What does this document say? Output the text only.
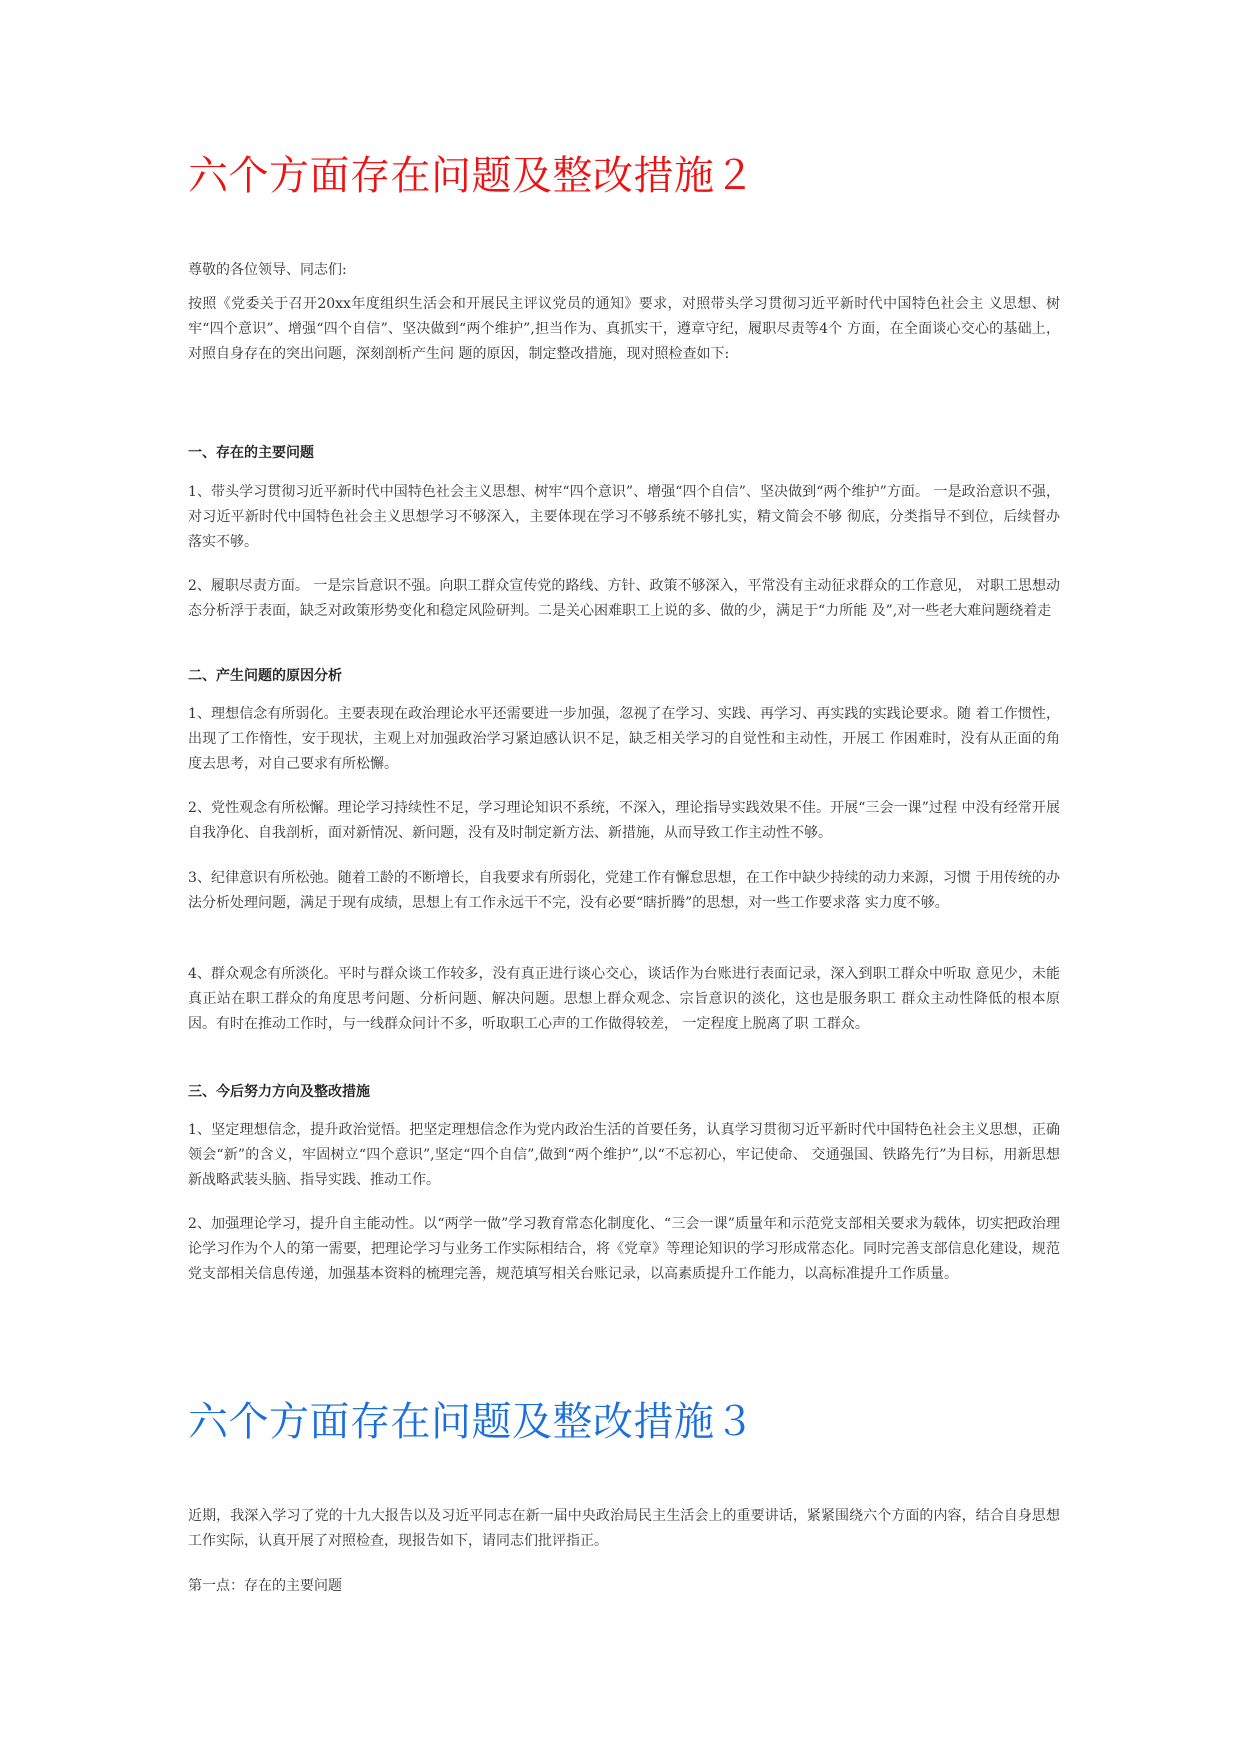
六个方面存在问题及整改措施２

尊敬的各位领导、同志们:

按照《党委关于召开20xx年度组织生活会和开展民主评议党员的通知》要求，对照带头学习贯彻习近平新时代中国特色社会主 义思想、树牢“四个意识”、增强“四个自信”、坚决做到“两个维护”,担当作为、真抓实干，遵章守纪，履职尽责等4个 方面，在全面谈心交心的基础上，对照自身存在的突出问题，深刻剖析产生问 题的原因，制定整改措施，现对照检查如下:

一、存在的主要问题

1、带头学习贯彻习近平新时代中国特色社会主义思想、树牢“四个意识”、增强“四个自信”、坚决做到“两个维护”方面。 一是政治意识不强，对习近平新时代中国特色社会主义思想学习不够深入，主要体现在学习不够系统不够扎实，精文简会不够 彻底，分类指导不到位，后续督办落实不够。

2、履职尽责方面。 一是宗旨意识不强。向职工群众宣传党的路线、方针、政策不够深入，平常没有主动征求群众的工作意见， 对职工思想动态分析浮于表面，缺乏对政策形势变化和稳定风险研判。二是关心困难职工上说的多、做的少，满足于“力所能 及”,对一些老大难问题绕着走

二、产生问题的原因分析

1、理想信念有所弱化。主要表现在政治理论水平还需要进一步加强，忽视了在学习、实践、再学习、再实践的实践论要求。随 着工作惯性，出现了工作惰性，安于现状，主观上对加强政治学习紧迫感认识不足，缺乏相关学习的自觉性和主动性，开展工 作困难时，没有从正面的角度去思考，对自己要求有所松懈。

2、党性观念有所松懈。理论学习持续性不足，学习理论知识不系统，不深入，理论指导实践效果不佳。开展“三会一课”过程 中没有经常开展自我净化、自我剖析，面对新情况、新问题，没有及时制定新方法、新措施，从而导致工作主动性不够。

3、纪律意识有所松弛。随着工龄的不断增长，自我要求有所弱化，党建工作有懈怠思想，在工作中缺少持续的动力来源，习惯 于用传统的办法分析处理问题，满足于现有成绩，思想上有工作永远干不完，没有必要“瞎折腾”的思想，对一些工作要求落 实力度不够。

4、群众观念有所淡化。平时与群众谈工作较多，没有真正进行谈心交心，谈话作为台账进行表面记录，深入到职工群众中听取 意见少，未能真正站在职工群众的角度思考问题、分析问题、解决问题。思想上群众观念、宗旨意识的淡化，这也是服务职工 群众主动性降低的根本原因。有时在推动工作时，与一线群众问计不多，听取职工心声的工作做得较差， 一定程度上脱离了职 工群众。

三、今后努力方向及整改措施

1、坚定理想信念，提升政治觉悟。把坚定理想信念作为党内政治生活的首要任务，认真学习贯彻习近平新时代中国特色社会主义思想，正确领会“新”的含义，牢固树立“四个意识”,坚定“四个自信”,做到“两个维护”,以“不忘初心，牢记使命、 交通强国、铁路先行”为目标，用新思想新战略武装头脑、指导实践、推动工作。

2、加强理论学习，提升自主能动性。以“两学一做”学习教育常态化制度化、“三会一课”质量年和示范党支部相关要求为载体，切实把政治理论学习作为个人的第一需要，把理论学习与业务工作实际相结合，将《党章》等理论知识的学习形成常态化。同时完善支部信息化建设，规范党支部相关信息传递，加强基本资料的梳理完善，规范填写相关台账记录，以高素质提升工作能力，以高标准提升工作质量。

六个方面存在问题及整改措施３

近期，我深入学习了党的十九大报告以及习近平同志在新一届中央政治局民主生活会上的重要讲话，紧紧围绕六个方面的内容，结合自身思想工作实际，认真开展了对照检查，现报告如下，请同志们批评指正。

第一点：存在的主要问题
